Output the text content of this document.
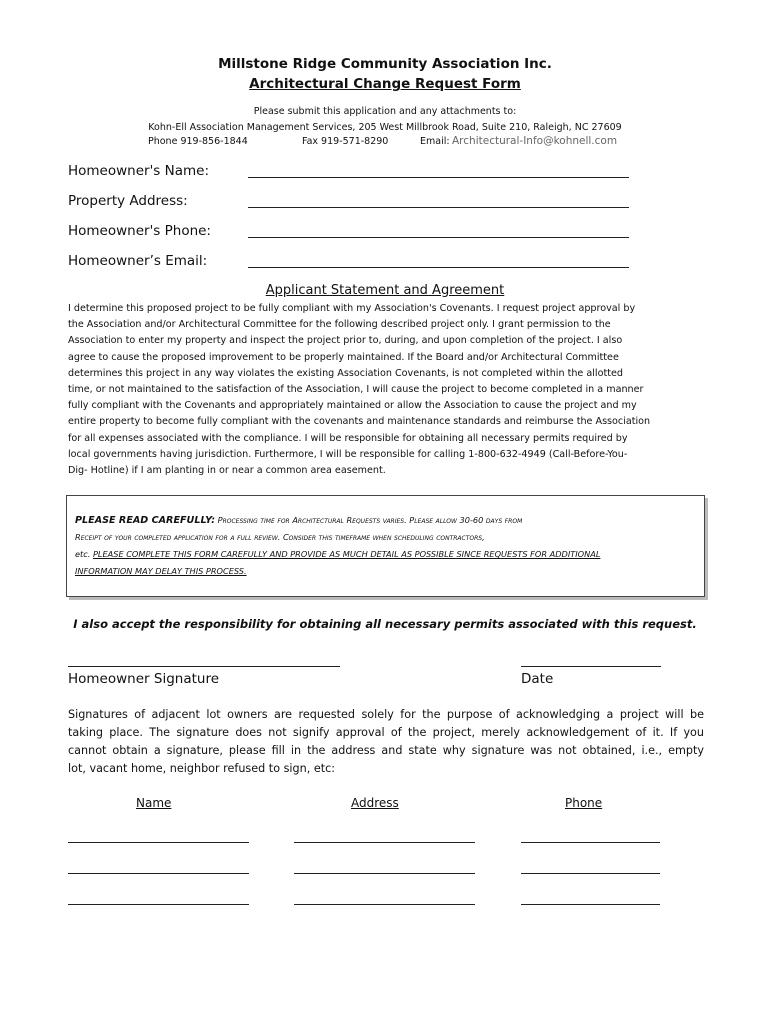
Millstone Ridge Community Association Inc.
Architectural Change Request Form
Please submit this application and any attachments to:
Kohn-Ell Association Management Services, 205 West Millbrook Road, Suite 210, Raleigh, NC 27609
Phone 919-856-1844	Fax 919-571-8290	Email: Architectural-Info@kohnell.com
Homeowner's Name:
Property Address:
Homeowner's Phone:
Homeowner’s Email:
Applicant Statement and Agreement
I determine this proposed project to be fully compliant with my Association's Covenants. I request project approval by
the Association and/or Architectural Committee for the following described project only. I grant permission to the
Association to enter my property and inspect the project prior to, during, and upon completion of the project. I also
agree to cause the proposed improvement to be properly maintained. If the Board and/or Architectural Committee
determines this project in any way violates the existing Association Covenants, is not completed within the allotted
time, or not maintained to the satisfaction of the Association, I will cause the project to become completed in a manner
fully compliant with the Covenants and appropriately maintained or allow the Association to cause the project and my
entire property to become fully compliant with the covenants and maintenance standards and reimburse the Association
for all expenses associated with the compliance. I will be responsible for obtaining all necessary permits required by
local governments having jurisdiction. Furthermore, I will be responsible for calling 1-800-632-4949 (Call-Before-You-
Dig- Hotline) if I am planting in or near a common area easement.
PLEASE READ CAREFULLY: Processing time for Architectural Requests varies. Please allow 30-60 days from
Receipt of your completed application for a full review. Consider this timeframe when scheduling contractors,
etc. PLEASE COMPLETE THIS FORM CAREFULLY AND PROVIDE AS MUCH DETAIL AS POSSIBLE SINCE REQUESTS FOR ADDITIONAL
INFORMATION MAY DELAY THIS PROCESS.
I also accept the responsibility for obtaining all necessary permits associated with this request.
Homeowner Signature	Date
Signatures of adjacent lot owners are requested solely for the purpose of acknowledging a project will be
taking place. The signature does not signify approval of the project, merely acknowledgement of it. If you
cannot obtain a signature, please fill in the address and state why signature was not obtained, i.e., empty
lot, vacant home, neighbor refused to sign, etc:
Name	Address	Phone
